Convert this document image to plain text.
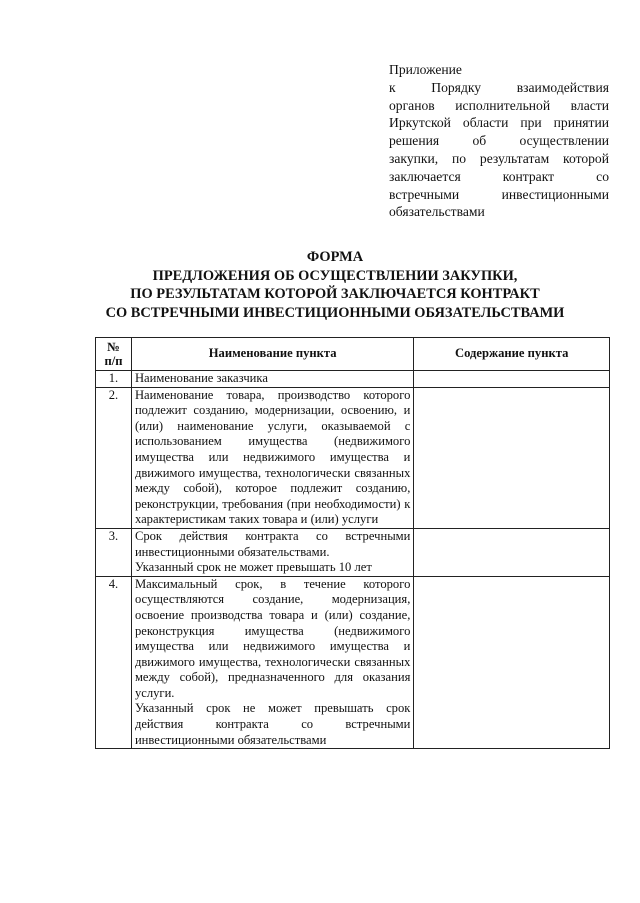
Приложение
к Порядку взаимодействия
органов исполнительной власти
Иркутской области при принятии
решения об осуществлении
закупки, по результатам которой
заключается контракт со
встречными инвестиционными
обязательствами
ФОРМА
ПРЕДЛОЖЕНИЯ ОБ ОСУЩЕСТВЛЕНИИ ЗАКУПКИ,
ПО РЕЗУЛЬТАТАМ КОТОРОЙ ЗАКЛЮЧАЕТСЯ КОНТРАКТ
СО ВСТРЕЧНЫМИ ИНВЕСТИЦИОННЫМИ ОБЯЗАТЕЛЬСТВАМИ
№
п/п	Наименование пункта	Содержание пункта
1.	Наименование заказчика	

2.	Наименование товара, производство которого подлежит созданию, модернизации, освоению, и (или) наименование услуги, оказываемой с использованием имущества (недвижимого имущества или недвижимого имущества и движимого имущества, технологически связанных между собой), которое подлежит созданию, реконструкции, требования (при необходимости) к характеристикам таких товара и (или) услуги	

3.	Срок действия контракта со встречными инвестиционными обязательствами.
Указанный срок не может превышать 10 лет	

4.	Максимальный срок, в течение которого осуществляются создание, модернизация, освоение производства товара и (или) создание, реконструкция имущества (недвижимого имущества или недвижимого имущества и движимого имущества, технологически связанных между собой), предназначенного для оказания услуги.
Указанный срок не может превышать срок действия контракта со встречными инвестиционными обязательствами	
